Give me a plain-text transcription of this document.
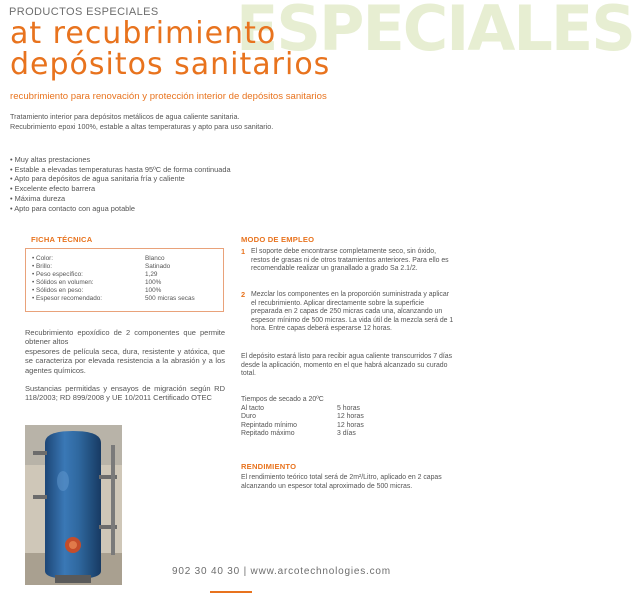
ESPECIALES
PRODUCTOS ESPECIALES
at recubrimiento
depósitos sanitarios
recubrimiento para renovación y protección interior de depósitos sanitarios
Tratamiento interior para depósitos metálicos de agua caliente sanitaria.
Recubrimiento epoxi 100%, estable a altas temperaturas y apto para uso sanitario.
• Muy altas prestaciones
• Estable a elevadas temperaturas hasta 95ºC de forma continuada
• Apto para depósitos de agua sanitaria fría y caliente
• Excelente efecto barrera
• Máxima dureza
• Apto para contacto con agua potable
FICHA TÉCNICA
• Color:	Blanco
• Brillo:	Satinado
• Peso específico:	1,29
• Sólidos en volumen:	100%
• Sólidos en peso:	100%
• Espesor recomendado:	500 micras secas
Recubrimiento epoxídico de 2 componentes que permite obtener altos
espesores de película seca, dura, resistente y atóxica, que se caracteriza por elevada resistencia a la abrasión y a los agentes químicos.
Sustancias permitidas y ensayos de migración según RD 118/2003; RD 899/2008 y UE 10/2011 Certificado OTEC
MODO DE EMPLEO
1 El soporte debe encontrarse completamente seco, sin óxido, restos de grasas ni de otros tratamientos anteriores. Para ello es recomendable realizar un granallado a grado Sa 2.1/2.
2 Mezclar los componentes en la proporción suministrada y aplicar el recubrimiento. Aplicar directamente sobre la superficie preparada en 2 capas de 250 micras cada una, alcanzando un espesor mínimo de 500 micras. La vida útil de la mezcla será de 1 hora. Entre capas deberá esperarse 12 horas.
El depósito estará listo para recibir agua caliente transcurridos 7 días desde la aplicación, momento en el que habrá alcanzado su curado total.
Tiempos de secado a 20ºC
Al tacto	5 horas
Duro	12 horas
Repintado mínimo	12 horas
Repitado máximo	3 días
RENDIMIENTO
El rendimiento teórico total será de 2m²/Litro, aplicado en 2 capas alcanzando un espesor total aproximado de 500 micras.
902 30 40 30 | www.arcotechnologies.com
